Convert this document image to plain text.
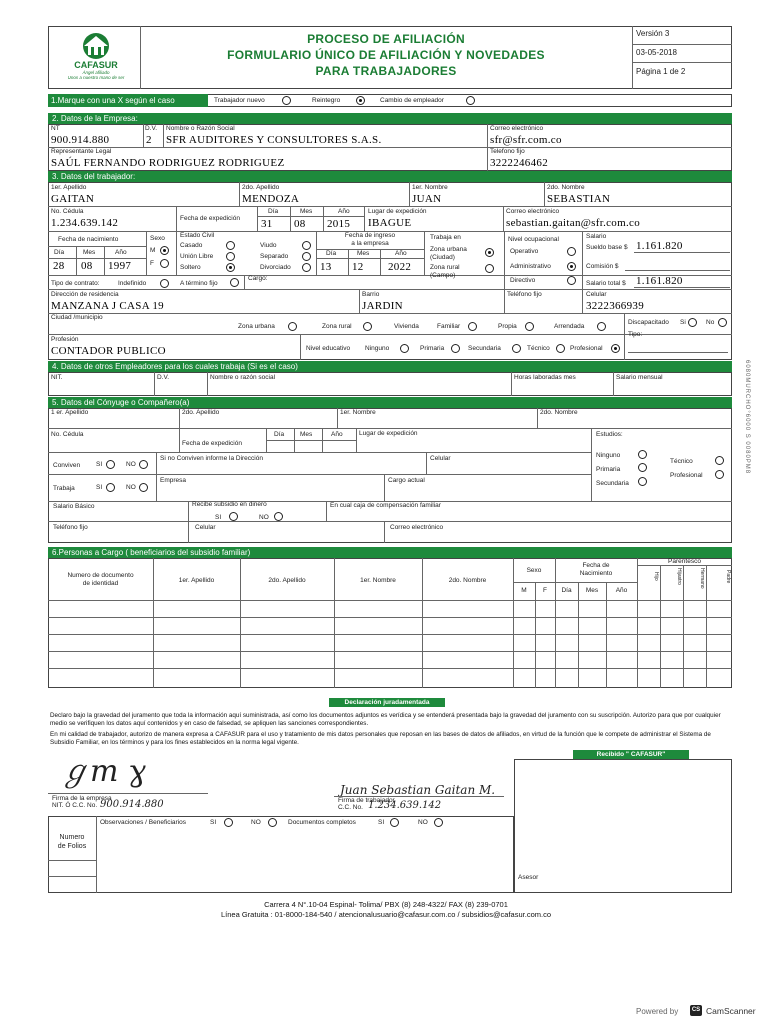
CAFASUR
Ángel afiliado
Unos a nuestro mano de ser
PROCESO DE AFILIACIÓN
FORMULARIO ÚNICO DE AFILIACIÓN Y NOVEDADES
PARA TRABAJADORES
Versión 3
03-05-2018
Página 1 de 2
1.Marque con una X según el caso	Trabajador nuevo	Reintegro	Cambio de empleador
2. Datos de la Empresa:
NT
900.914.880
D.V.
2
Nombre o Razón Social
SFR AUDITORES Y CONSULTORES S.A.S.
Correo electrónico
sfr@sfr.com.co
Representante Legal
SAÚL FERNANDO RODRIGUEZ RODRIGUEZ
Telefono fijo
3222246462
3. Datos del trabajador:
1er. Apellido
GAITAN
2do. Apellido
MENDOZA
1er. Nombre
JUAN
2do. Nombre
SEBASTIAN
No. Cédula
1.234.639.142	Fecha de expedición
Día	Mes	Año
31 08 2015
Lugar de expedición
IBAGUE
Correo electrónico
sebastian.gaitan@sfr.com.co
Fecha de nacimiento
Día	Mes	Año
28 08 1997
Sexo
M
F
Estado Civil
Casado
Unión Libre
Soltero
Viudo
Separado
Divorciado
Fecha de ingreso
a la empresa
Día	Mes	Año
13 12 2022
Trabaja en
Zona urbana
(Ciudad)
Zona rural
(Campo)
Nivel ocupacional
Operativo
Administrativo
Salario
Sueldo base $ 1.161.820
Comisión $
Tipo de contrato:	Indefinido	A término fijo
Cargo:	Directivo	Salario total $ 1.161.820
Dirección de residencia
MANZANA J CASA 19
Barrio
JARDIN
Teléfono fijo	Celular
3222366939
Ciudad /municipio
Zona urbana	Zona rural	Vivienda	Familiar	Propia	Arrendada
Discapacitado Si	No
Tipo:
Profesión
CONTADOR PUBLICO	Nivel educativo Ninguno	Primaria	Secundaria	Técnico	Profesional
4. Datos de otros Empleadores para los cuales trabaja (Si es el caso)
NIT.	D.V.	Nombre o razón social	Horas laboradas mes	Salario mensual
5. Datos del Cónyuge o Compañero(a)
1 er. Apellido	2do. Apellido	1er. Nombre	2do. Nombre
No. Cédula
Fecha de expedición
Día Mes	Año	Lugar de expedición	Estudios:
Conviven SI	NO
Si no Conviven informe la Dirección	Celular	Ninguno
Primaria
Secundaria
Técnico
Profesional
Trabaja	SI	NO
Empresa	Cargo actual
Salario Básico	Recibe subsidio en dinero
SI	NO
En cual caja de compensación familiar
Teléfono fijo	Celular	Correo electrónico
6.Personas a Cargo ( beneficiarios del subsidio familiar)
Numero de documento
de identidad	1er. Apellido	2do. Apellido	1er. Nombre	2do. Nombre
Sexo
M	F
Fecha de
Nacimiento
Día	Mes	Año
Parentesco
Hijo	Hijastro	Hermano	Padre
Declaración juradamentada
Declaro bajo la gravedad del juramento que toda la información aquí suministrada, así como los documentos adjuntos es verídica y se entenderá presentada bajo la gravedad del juramento con su suscripción. Autorizo para que por cualquier medio se verifiquen los datos aquí contenidos y en caso de falsedad, se apliquen las sanciones correspondientes.
En mi calidad de trabajador, autorizo de manera expresa a CAFASUR para el uso y tratamiento de mis datos personales que reposan en las bases de datos de afiliados, en virtud de la función que le compete de administrar el Sistema de Subsidio Familiar, en los términos y para los fines establecidos en la norma legal vigente.
Recibido " CAFASUR"
ℊm ɣ
Firma de la empresa
NIT. Ó C.C. No. 900.914.880
Juan Sebastian Gaitan M.
Firma de trabajador
C.C. No. 1.234.639.142
Numero
de Folios
Observaciones / Beneficiarios	SI	NO	Documentos completos	SI	NO
Asesor
Carrera 4 N°.10-04 Espinal- Tolima/ PBX (8) 248-4322/ FAX (8) 239-0701
Línea Gratuita : 01-8000-184-540 / atencionalusuario@cafasur.com.co / subsidios@cafasur.com.co
6080MURCHO°6000 S 0080PM8
Powered by	CS CamScanner
